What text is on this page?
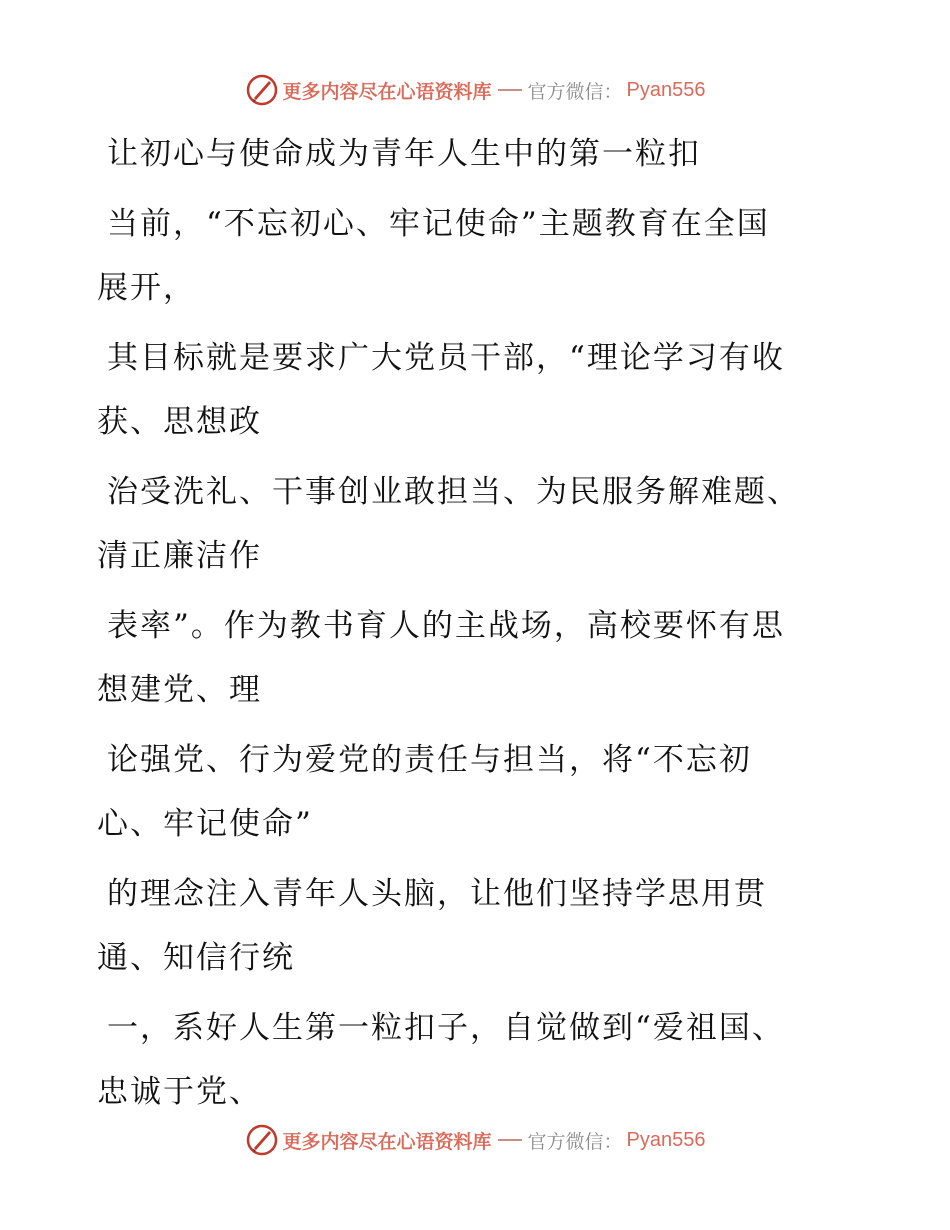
更多内容尽在心语资料库 官方微信： Pyan556
让初心与使命成为青年人生中的第一粒扣
当前，“不忘初心、牢记使命”主题教育在全国
展开，
其目标就是要求广大党员干部，“理论学习有收
获、思想政
治受洗礼、干事创业敢担当、为民服务解难题、
清正廉洁作
表率”。作为教书育人的主战场，高校要怀有思
想建党、理
论强党、行为爱党的责任与担当，将“不忘初
心、牢记使命”
的理念注入青年人头脑，让他们坚持学思用贯
通、知信行统
一，系好人生第一粒扣子，自觉做到“爱祖国、
忠诚于党、
更多内容尽在心语资料库 官方微信： Pyan556
